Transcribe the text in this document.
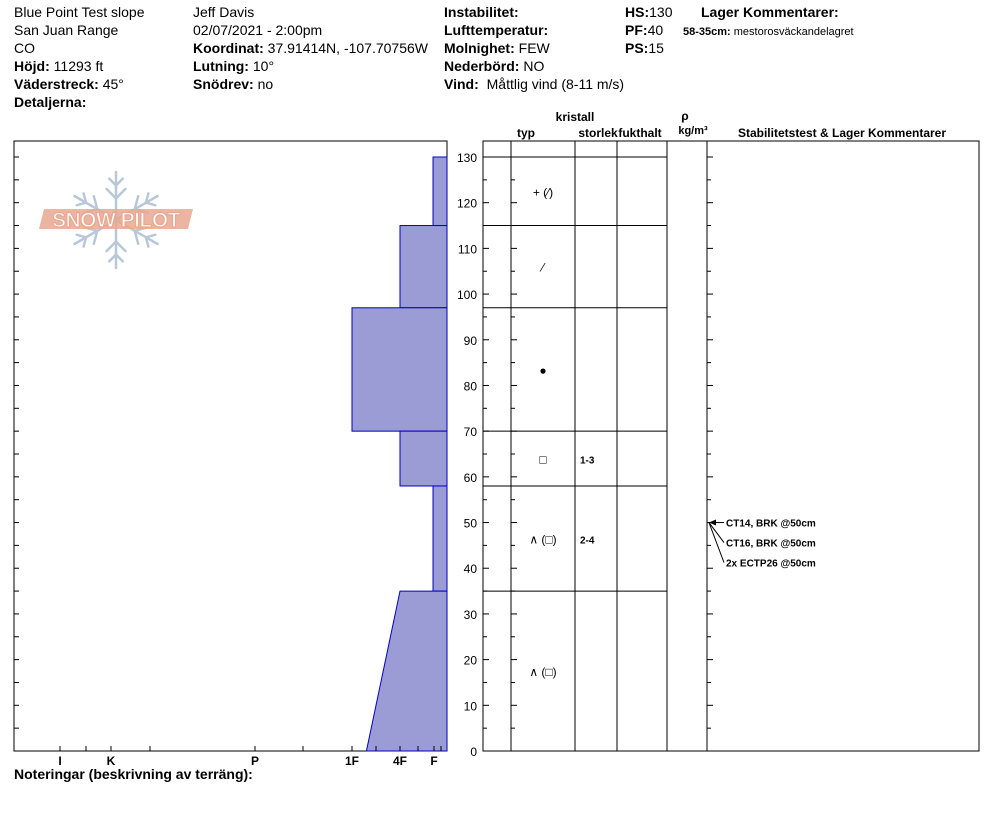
Blue Point Test slope
San Juan Range
CO
Höjd: 11293 ft
Väderstreck: 45°
Detaljerna:
Jeff Davis
02/07/2021 - 2:00pm
Koordinat: 37.91414N, -107.70756W
Lutning: 10°
Snödrev: no
Instabilitet:
Lufttemperatur:
Molnighet: FEW
Nederbörd: NO
Vind: Måttlig vind (8-11 m/s)
HS:130
PF:40
PS:15
Lager Kommentarer:
58-35cm: mestorosväckandelagret
SNOW PILOT
I	K	P	1F	4F F
0
10
20
30
40
50
60
70
80
90
100
110
120
130
+ (⁄)
⁄
●
□	1-3
∧ (□) 2-4
∧ (□)
CT14, BRK @50cm
CT16, BRK @50cm
2x ECTP26 @50cm
typ
kristall
storlek fukthalt
ρ
kg/m³	Stabilitetstest & Lager Kommentarer
Noteringar (beskrivning av terräng):
